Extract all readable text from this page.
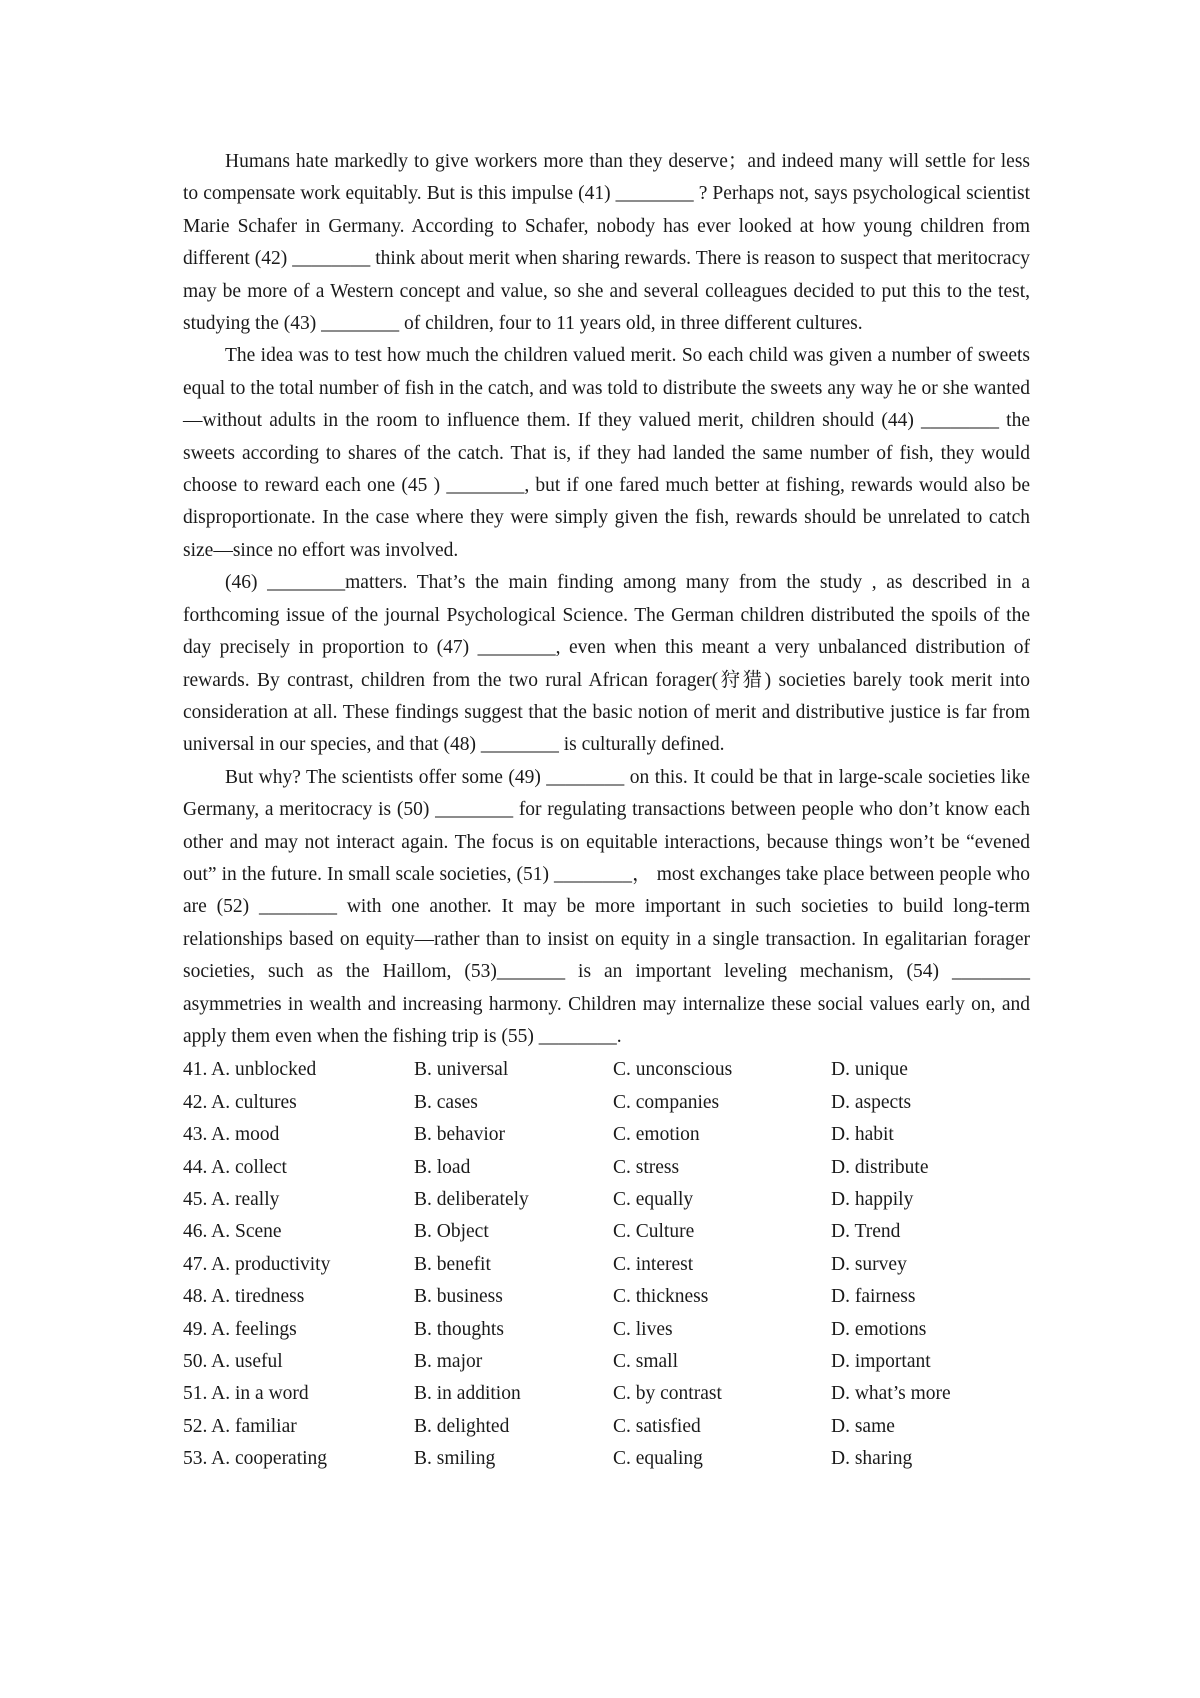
Humans hate markedly to give workers more than they deserve；and indeed many will settle for less to compensate work equitably. But is this impulse (41) ________ ? Perhaps not, says psychological scientist Marie Schafer in Germany. According to Schafer, nobody has ever looked at how young children from different (42) ________ think about merit when sharing rewards. There is reason to suspect that meritocracy may be more of a Western concept and value, so she and several colleagues decided to put this to the test, studying the (43) ________ of children, four to 11 years old, in three different cultures.

The idea was to test how much the children valued merit. So each child was given a number of sweets equal to the total number of fish in the catch, and was told to distribute the sweets any way he or she wanted—without adults in the room to influence them. If they valued merit, children should (44) ________ the sweets according to shares of the catch. That is, if they had landed the same number of fish, they would choose to reward each one (45 ) ________, but if one fared much better at fishing, rewards would also be disproportionate. In the case where they were simply given the fish, rewards should be unrelated to catch size—since no effort was involved.

(46) ________matters. That’s the main finding among many from the study , as described in a forthcoming issue of the journal Psychological Science. The German children distributed the spoils of the day precisely in proportion to (47) ________, even when this meant a very unbalanced distribution of rewards. By contrast, children from the two rural African forager(狩猎) societies barely took merit into consideration at all. These findings suggest that the basic notion of merit and distributive justice is far from universal in our species, and that (48) ________ is culturally defined.

But why? The scientists offer some (49) ________ on this. It could be that in large-scale societies like Germany, a meritocracy is (50) ________ for regulating transactions between people who don’t know each other and may not interact again. The focus is on equitable interactions, because things won’t be “evened out” in the future. In small scale societies, (51) ________， most exchanges take place between people who are (52) ________ with one another. It may be more important in such societies to build long-term relationships based on equity—rather than to insist on equity in a single transaction. In egalitarian forager societies, such as the Haillom, (53)_______ is an important leveling mechanism, (54) ________ asymmetries in wealth and increasing harmony. Children may internalize these social values early on, and apply them even when the fishing trip is (55) ________.

41. A. unblocked	B. universal	C. unconscious	D. unique
42. A. cultures	B. cases	C. companies	D. aspects
43. A. mood	B. behavior	C. emotion	D. habit
44. A. collect	B. load	C. stress	D. distribute
45. A. really	B. deliberately	C. equally	D. happily
46. A. Scene	B. Object	C. Culture	D. Trend
47. A. productivity	B. benefit	C. interest	D. survey
48. A. tiredness	B. business	C. thickness	D. fairness
49. A. feelings	B. thoughts	C. lives	D. emotions
50. A. useful	B. major	C. small	D. important
51. A. in a word	B. in addition	C. by contrast	D. what’s more
52. A. familiar	B. delighted	C. satisfied	D. same
53. A. cooperating	B. smiling	C. equaling	D. sharing
